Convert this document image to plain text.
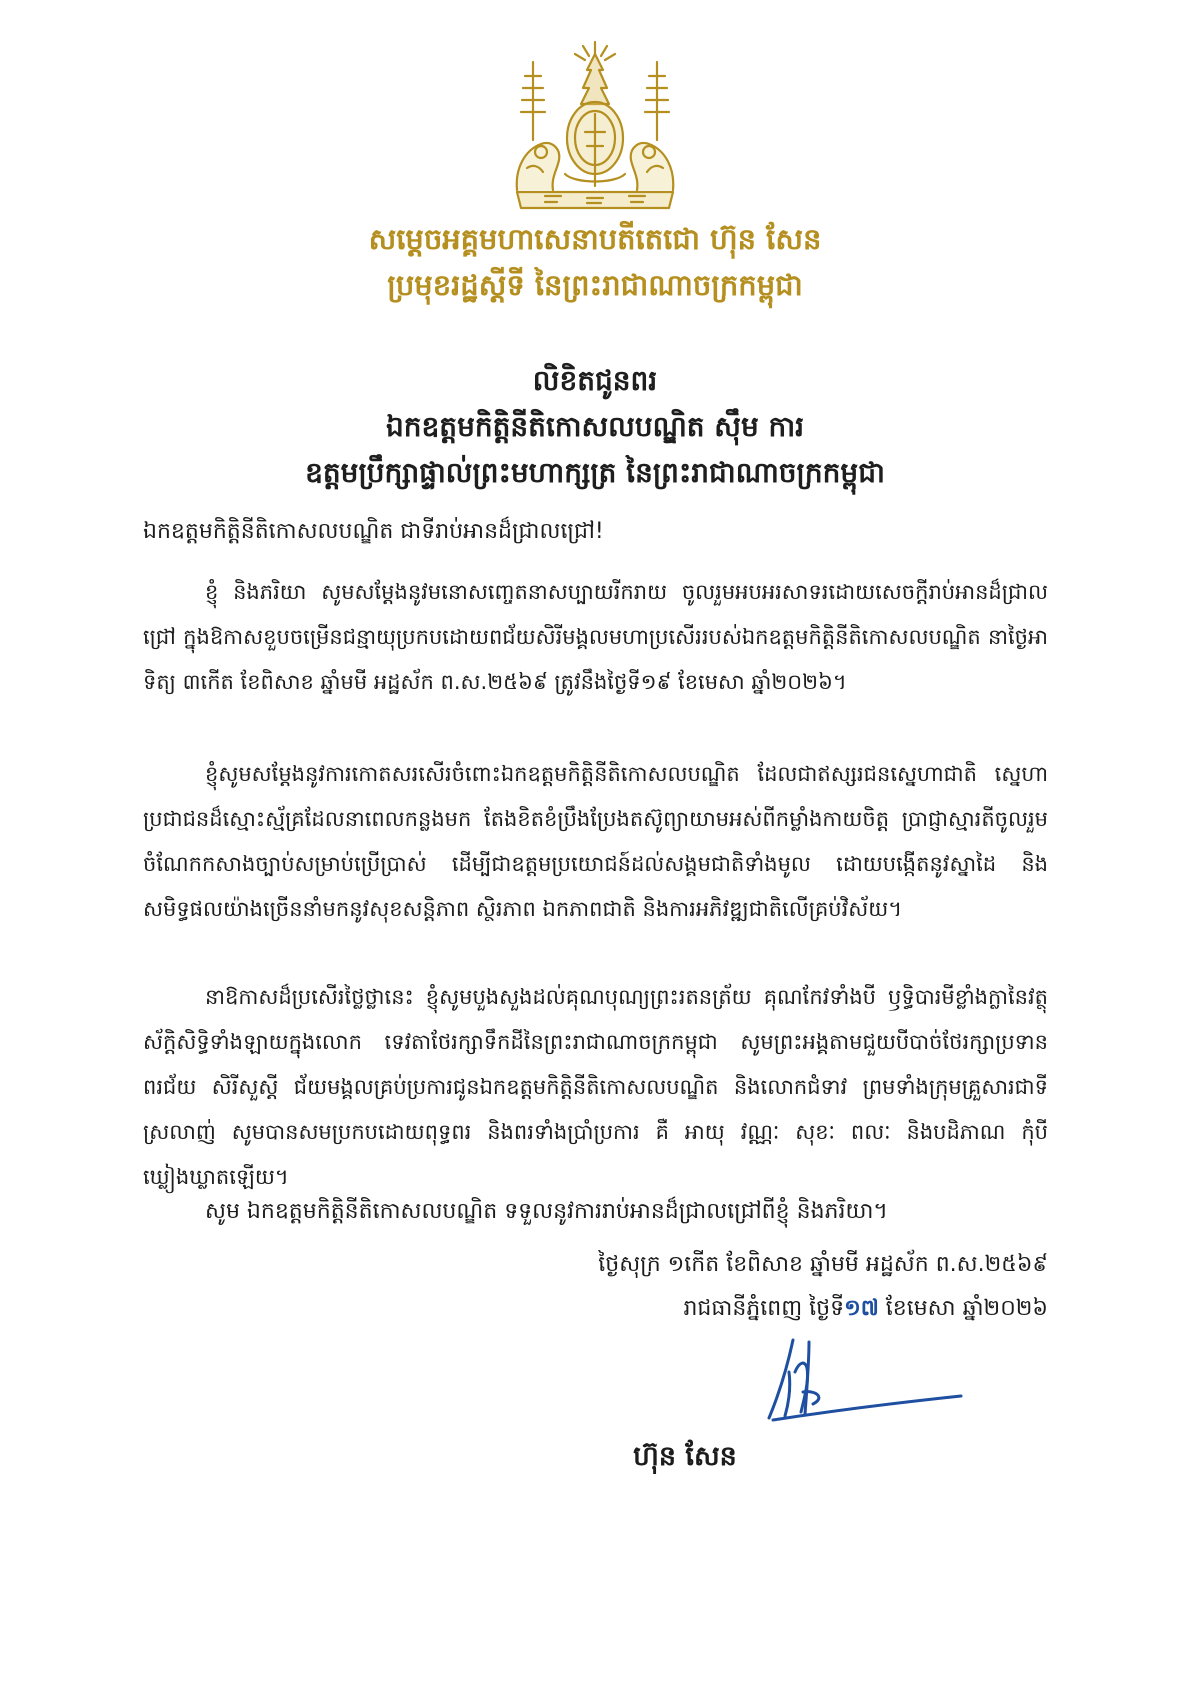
សម្តេចអគ្គមហាសេនាបតីតេជោ ហ៊ុន សែន
ប្រមុខរដ្ឋស្តីទី នៃព្រះរាជាណាចក្រកម្ពុជា
លិខិតជូនពរ
ឯកឧត្តមកិត្តិនីតិកោសលបណ្ឌិត ស៊ឹម ការ
ឧត្តមប្រឹក្សាផ្ទាល់ព្រះមហាក្សត្រ នៃព្រះរាជាណាចក្រកម្ពុជា
ឯកឧត្តមកិត្តិនីតិកោសលបណ្ឌិត ជាទីរាប់អានដ៏ជ្រាលជ្រៅ!
ខ្ញុំ និងភរិយា សូមសម្តែងនូវមនោសញ្ចេតនាសប្បាយរីករាយ ចូលរួមអបអរសាទរដោយសេចក្តីរាប់អានដ៏ជ្រាលជ្រៅ ក្នុងឱកាសខួបចម្រើនជន្មាយុប្រកបដោយពជ័យសិរីមង្គលមហាប្រសើររបស់ឯកឧត្តមកិត្តិនីតិកោសលបណ្ឌិត នាថ្ងៃអាទិត្យ ៣កើត ខែពិសាខ ឆ្នាំមមី អដ្ឋស័ក ព.ស.២៥៦៩ ត្រូវនឹងថ្ងៃទី១៩ ខែមេសា ឆ្នាំ២០២៦។
ខ្ញុំសូមសម្តែងនូវការកោតសរសើរចំពោះឯកឧត្តមកិត្តិនីតិកោសលបណ្ឌិត ដែលជាឥស្សរជនស្នេហាជាតិ ស្នេហាប្រជាជនដ៏ស្មោះស្ម័គ្រដែលនាពេលកន្លងមក តែងខិតខំប្រឹងប្រែងតស៊ូព្យាយាមអស់ពីកម្លាំងកាយចិត្ត ប្រាជ្ញាស្មារតីចូលរួមចំណែកកសាងច្បាប់សម្រាប់ប្រើប្រាស់ ដើម្បីជាឧត្តមប្រយោជន៍ដល់សង្គមជាតិទាំងមូល ដោយបង្កើតនូវស្នាដៃ និងសមិទ្ធផលយ៉ាងច្រើននាំមកនូវសុខសន្តិភាព ស្ថិរភាព ឯកភាពជាតិ និងការអភិវឌ្ឍជាតិលើគ្រប់វិស័យ។
នាឱកាសដ៏ប្រសើរថ្លៃថ្លានេះ ខ្ញុំសូមបួងសួងដល់គុណបុណ្យព្រះរតនត្រ័យ គុណកែវទាំងបី ឫទ្ធិបារមីខ្លាំងក្លានៃវត្ថុស័ក្តិសិទ្ធិទាំងឡាយក្នុងលោក ទេវតាថែរក្សាទឹកដីនៃព្រះរាជាណាចក្រកម្ពុជា សូមព្រះអង្គតាមជួយបីបាច់ថែរក្សាប្រទានពរជ័យ សិរីសួស្តី ជ័យមង្គលគ្រប់ប្រការជូនឯកឧត្តមកិត្តិនីតិកោសលបណ្ឌិត និងលោកជំទាវ ព្រមទាំងក្រុមគ្រួសារជាទីស្រលាញ់ សូមបានសមប្រកបដោយពុទ្ធពរ និងពរទាំងប្រាំប្រការ គឺ អាយុ វណ្ណៈ សុខៈ ពលៈ និងបដិភាណ កុំបីឃ្លៀងឃ្លាតឡើយ។
សូម ឯកឧត្តមកិត្តិនីតិកោសលបណ្ឌិត ទទួលនូវការរាប់អានដ៏ជ្រាលជ្រៅពីខ្ញុំ និងភរិយា។
ថ្ងៃសុក្រ ១កើត ខែពិសាខ ឆ្នាំមមី អដ្ឋស័ក ព.ស.២៥៦៩
រាជធានីភ្នំពេញ ថ្ងៃទី១៧ ខែមេសា ឆ្នាំ២០២៦
ហ៊ុន សែន
